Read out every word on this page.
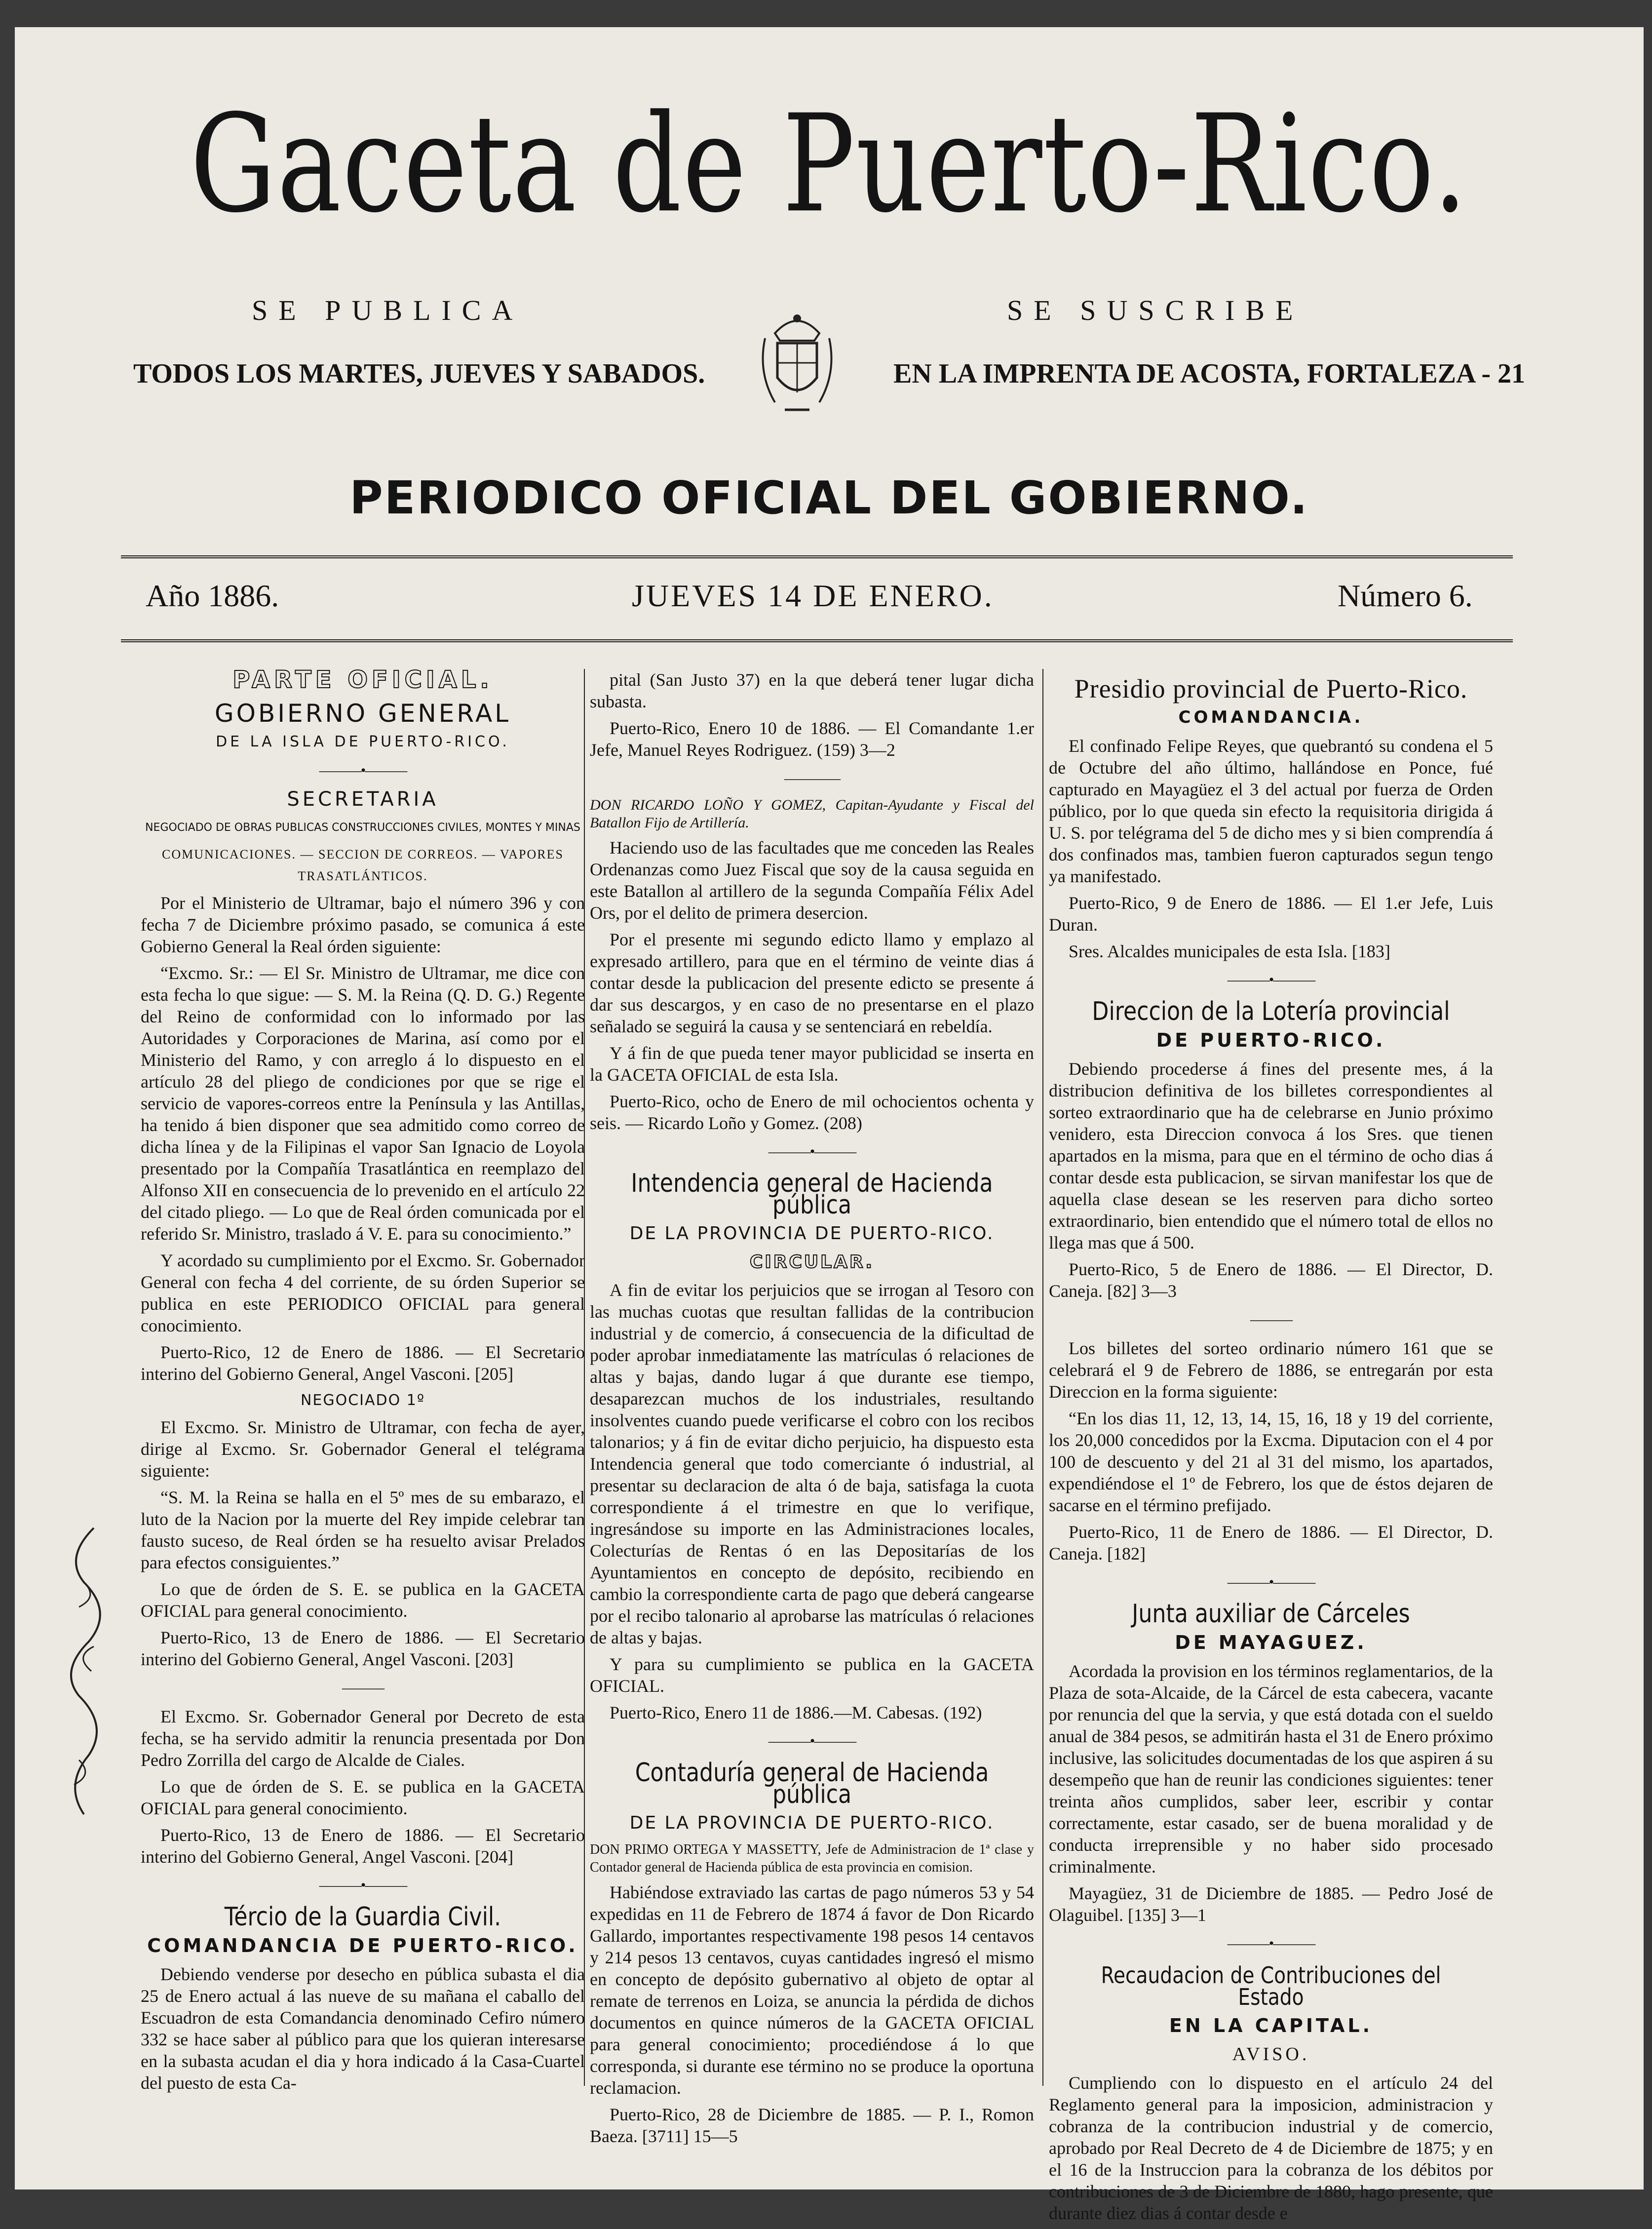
Gaceta de Puerto-Rico.
SE PUBLICA	SE SUSCRIBE
TODOS LOS MARTES, JUEVES Y SABADOS.	EN LA IMPRENTA DE ACOSTA, FORTALEZA - 21
PERIODICO OFICIAL DEL GOBIERNO.
Año 1886.	JUEVES 14 DE ENERO.	Número 6.
PARTE OFICIAL.
GOBIERNO GENERAL
DE LA ISLA DE PUERTO-RICO.
———•———
SECRETARIA
NEGOCIADO DE OBRAS PUBLICAS CONSTRUCCIONES CIVILES, MONTES Y MINAS
COMUNICACIONES. — SECCION DE CORREOS. — VAPORES TRASATLÁNTICOS.

Por el Ministerio de Ultramar, bajo el número 396 y con fecha 7 de Diciembre próximo pasado, se comunica á este Gobierno General la Real órden siguiente:

“Excmo. Sr.: — El Sr. Ministro de Ultramar, me dice con esta fecha lo que sigue: — S. M. la Reina (Q. D. G.) Regente del Reino de conformidad con lo informado por las Autoridades y Corporaciones de Marina, así como por el Ministerio del Ramo, y con arreglo á lo dispuesto en el artículo 28 del pliego de condiciones por que se rige el servicio de vapores-correos entre la Península y las Antillas, ha tenido á bien disponer que sea admitido como correo de dicha línea y de la Filipinas el vapor San Ignacio de Loyola presentado por la Compañía Trasatlántica en reemplazo del Alfonso XII en consecuencia de lo prevenido en el artículo 22 del citado pliego. — Lo que de Real órden comunicada por el referido Sr. Ministro, traslado á V. E. para su conocimiento.”

Y acordado su cumplimiento por el Excmo. Sr. Gobernador General con fecha 4 del corriente, de su órden Superior se publica en este PERIODICO OFICIAL para general conocimiento.

Puerto-Rico, 12 de Enero de 1886. — El Secretario interino del Gobierno General, Angel Vasconi. [205]

NEGOCIADO 1º

El Excmo. Sr. Ministro de Ultramar, con fecha de ayer, dirige al Excmo. Sr. Gobernador General el telégrama siguiente:

“S. M. la Reina se halla en el 5º mes de su embarazo, el luto de la Nacion por la muerte del Rey impide celebrar tan fausto suceso, de Real órden se ha resuelto avisar Prelados para efectos consiguientes.”

Lo que de órden de S. E. se publica en la GACETA OFICIAL para general conocimiento.

Puerto-Rico, 13 de Enero de 1886. — El Secretario interino del Gobierno General, Angel Vasconi. [203]

———

El Excmo. Sr. Gobernador General por Decreto de esta fecha, se ha servido admitir la renuncia presentada por Don Pedro Zorrilla del cargo de Alcalde de Ciales.

Lo que de órden de S. E. se publica en la GACETA OFICIAL para general conocimiento.

Puerto-Rico, 13 de Enero de 1886. — El Secretario interino del Gobierno General, Angel Vasconi. [204]

———•———
Tércio de la Guardia Civil.
COMANDANCIA DE PUERTO-RICO.

Debiendo venderse por desecho en pública subasta el dia 25 de Enero actual á las nueve de su mañana el caballo del Escuadron de esta Comandancia denominado Cefiro número 332 se hace saber al público para que los quieran interesarse en la subasta acudan el dia y hora indicado á la Casa-Cuartel del puesto de esta Ca-

pital (San Justo 37) en la que deberá tener lugar dicha subasta.

Puerto-Rico, Enero 10 de 1886. — El Comandante 1.er Jefe, Manuel Reyes Rodriguez. (159) 3—2

————

DON RICARDO LOÑO Y GOMEZ, Capitan-Ayudante y Fiscal del Batallon Fijo de Artillería.

Haciendo uso de las facultades que me conceden las Reales Ordenanzas como Juez Fiscal que soy de la causa seguida en este Batallon al artillero de la segunda Compañía Félix Adel Ors, por el delito de primera desercion.

Por el presente mi segundo edicto llamo y emplazo al expresado artillero, para que en el término de veinte dias á contar desde la publicacion del presente edicto se presente á dar sus descargos, y en caso de no presentarse en el plazo señalado se seguirá la causa y se sentenciará en rebeldía.

Y á fin de que pueda tener mayor publicidad se inserta en la GACETA OFICIAL de esta Isla.

Puerto-Rico, ocho de Enero de mil ochocientos ochenta y seis. — Ricardo Loño y Gomez. (208)

———•———
Intendencia general de Hacienda pública
DE LA PROVINCIA DE PUERTO-RICO.
CIRCULAR.

A fin de evitar los perjuicios que se irrogan al Tesoro con las muchas cuotas que resultan fallidas de la contribucion industrial y de comercio, á consecuencia de la dificultad de poder aprobar inmediatamente las matrículas ó relaciones de altas y bajas, dando lugar á que durante ese tiempo, desaparezcan muchos de los industriales, resultando insolventes cuando puede verificarse el cobro con los recibos talonarios; y á fin de evitar dicho perjuicio, ha dispuesto esta Intendencia general que todo comerciante ó industrial, al presentar su declaracion de alta ó de baja, satisfaga la cuota correspondiente á el trimestre en que lo verifique, ingresándose su importe en las Administraciones locales, Colecturías de Rentas ó en las Depositarías de los Ayuntamientos en concepto de depósito, recibiendo en cambio la correspondiente carta de pago que deberá cangearse por el recibo talonario al aprobarse las matrículas ó relaciones de altas y bajas.

Y para su cumplimiento se publica en la GACETA OFICIAL.

Puerto-Rico, Enero 11 de 1886.—M. Cabesas. (192)

———•———
Contaduría general de Hacienda pública
DE LA PROVINCIA DE PUERTO-RICO.

DON PRIMO ORTEGA Y MASSETTY, Jefe de Administracion de 1ª clase y Contador general de Hacienda pública de esta provincia en comision.

Habiéndose extraviado las cartas de pago números 53 y 54 expedidas en 11 de Febrero de 1874 á favor de Don Ricardo Gallardo, importantes respectivamente 198 pesos 14 centavos y 214 pesos 13 centavos, cuyas cantidades ingresó el mismo en concepto de depósito gubernativo al objeto de optar al remate de terrenos en Loiza, se anuncia la pérdida de dichos documentos en quince números de la GACETA OFICIAL para general conocimiento; procediéndose á lo que corresponda, si durante ese término no se produce la oportuna reclamacion.

Puerto-Rico, 28 de Diciembre de 1885. — P. I., Romon Baeza. [3711] 15—5

Presidio provincial de Puerto-Rico.
COMANDANCIA.

El confinado Felipe Reyes, que quebrantó su condena el 5 de Octubre del año último, hallándose en Ponce, fué capturado en Mayagüez el 3 del actual por fuerza de Orden público, por lo que queda sin efecto la requisitoria dirigida á U. S. por telégrama del 5 de dicho mes y si bien comprendía á dos confinados mas, tambien fueron capturados segun tengo ya manifestado.

Puerto-Rico, 9 de Enero de 1886. — El 1.er Jefe, Luis Duran.

Sres. Alcaldes municipales de esta Isla. [183]

———•———
Direccion de la Lotería provincial
DE PUERTO-RICO.

Debiendo procederse á fines del presente mes, á la distribucion definitiva de los billetes correspondientes al sorteo extraordinario que ha de celebrarse en Junio próximo venidero, esta Direccion convoca á los Sres. que tienen apartados en la misma, para que en el término de ocho dias á contar desde esta publicacion, se sirvan manifestar los que de aquella clase desean se les reserven para dicho sorteo extraordinario, bien entendido que el número total de ellos no llega mas que á 500.

Puerto-Rico, 5 de Enero de 1886. — El Director, D. Caneja. [82] 3—3

———

Los billetes del sorteo ordinario número 161 que se celebrará el 9 de Febrero de 1886, se entregarán por esta Direccion en la forma siguiente:

“En los dias 11, 12, 13, 14, 15, 16, 18 y 19 del corriente, los 20,000 concedidos por la Excma. Diputacion con el 4 por 100 de descuento y del 21 al 31 del mismo, los apartados, expendiéndose el 1º de Febrero, los que de éstos dejaren de sacarse en el término prefijado.

Puerto-Rico, 11 de Enero de 1886. — El Director, D. Caneja. [182]

———•———
Junta auxiliar de Cárceles
DE MAYAGUEZ.

Acordada la provision en los términos reglamentarios, de la Plaza de sota-Alcaide, de la Cárcel de esta cabecera, vacante por renuncia del que la servia, y que está dotada con el sueldo anual de 384 pesos, se admitirán hasta el 31 de Enero próximo inclusive, las solicitudes documentadas de los que aspiren á su desempeño que han de reunir las condiciones siguientes: tener treinta años cumplidos, saber leer, escribir y contar correctamente, estar casado, ser de buena moralidad y de conducta irreprensible y no haber sido procesado criminalmente.

Mayagüez, 31 de Diciembre de 1885. — Pedro José de Olaguibel. [135] 3—1

———•———
Recaudacion de Contribuciones del Estado
EN LA CAPITAL.
AVISO.

Cumpliendo con lo dispuesto en el artículo 24 del Reglamento general para la imposicion, administracion y cobranza de la contribucion industrial y de comercio, aprobado por Real Decreto de 4 de Diciembre de 1875; y en el 16 de la Instruccion para la cobranza de los débitos por contribuciones de 3 de Diciembre de 1880, hago presente, que durante diez dias á contar desde e
